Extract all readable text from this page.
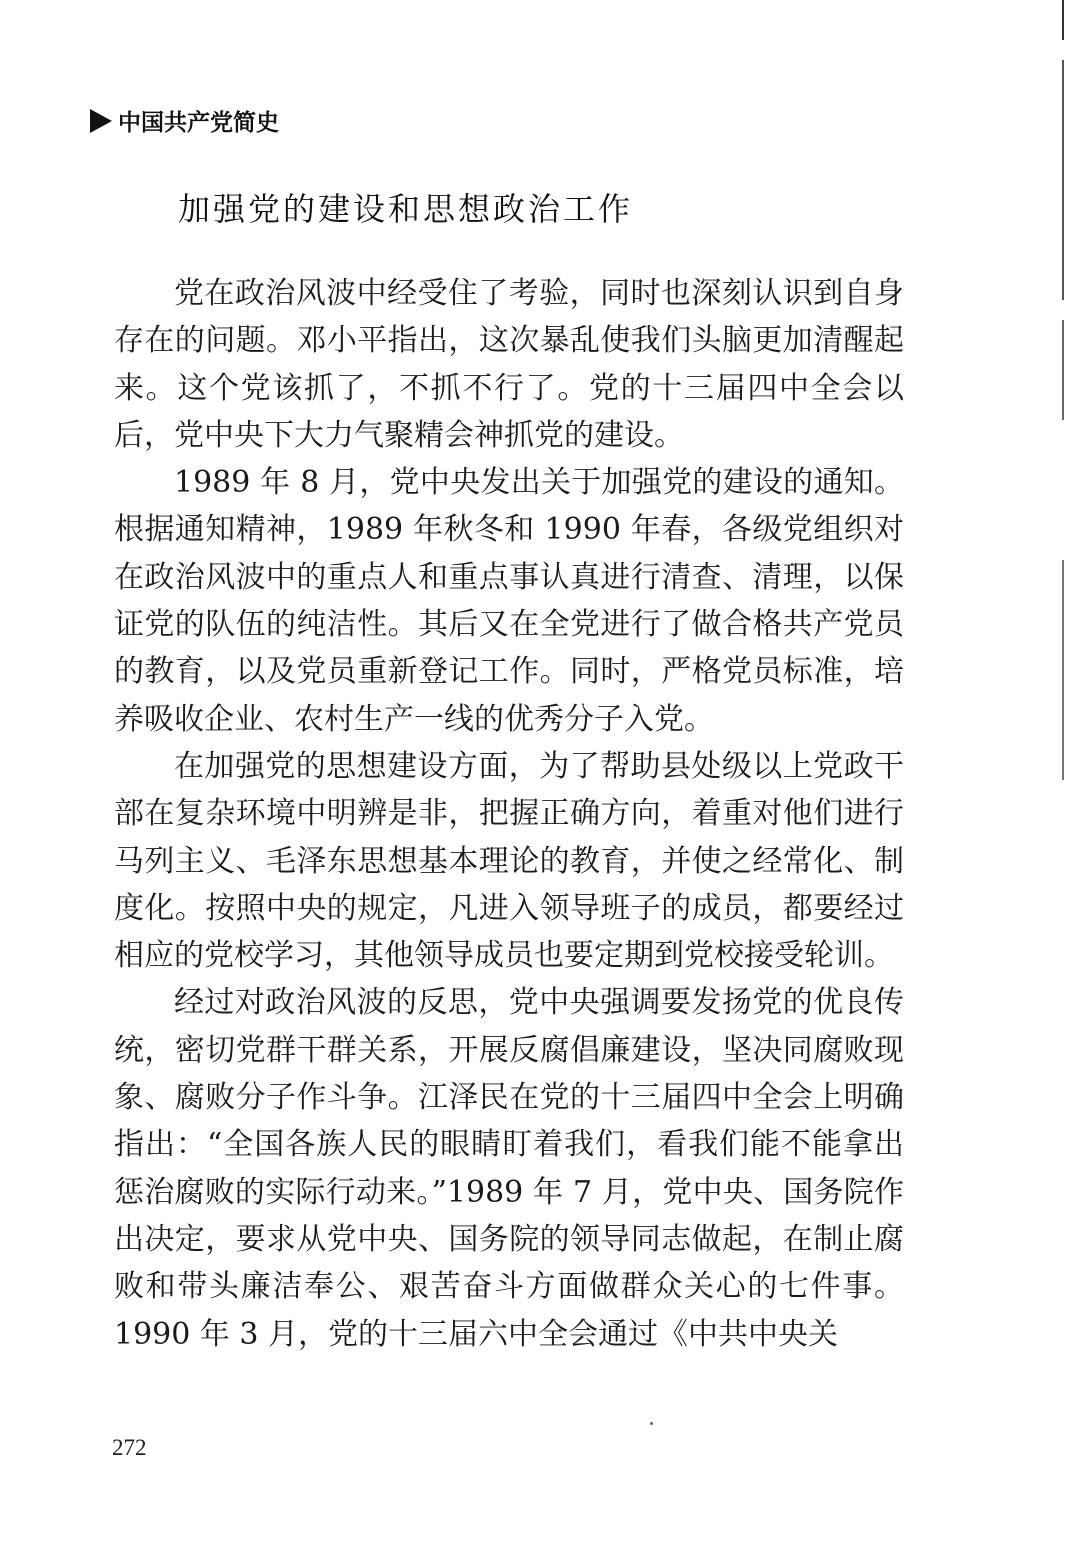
中国共产党简史
加强党的建设和思想政治工作

党在政治风波中经受住了考验，同时也深刻认识到自身存在的问题。邓小平指出，这次暴乱使我们头脑更加清醒起来。这个党该抓了，不抓不行了。党的十三届四中全会以后，党中央下大力气聚精会神抓党的建设。

1989 年 8 月，党中央发出关于加强党的建设的通知。根据通知精神，1989 年秋冬和 1990 年春，各级党组织对在政治风波中的重点人和重点事认真进行清查、清理，以保证党的队伍的纯洁性。其后又在全党进行了做合格共产党员的教育，以及党员重新登记工作。同时，严格党员标准，培养吸收企业、农村生产一线的优秀分子入党。

在加强党的思想建设方面，为了帮助县处级以上党政干部在复杂环境中明辨是非，把握正确方向，着重对他们进行马列主义、毛泽东思想基本理论的教育，并使之经常化、制度化。按照中央的规定，凡进入领导班子的成员，都要经过相应的党校学习，其他领导成员也要定期到党校接受轮训。

经过对政治风波的反思，党中央强调要发扬党的优良传统，密切党群干群关系，开展反腐倡廉建设，坚决同腐败现象、腐败分子作斗争。江泽民在党的十三届四中全会上明确指出：“全国各族人民的眼睛盯着我们，看我们能不能拿出惩治腐败的实际行动来。”1989 年 7 月，党中央、国务院作出决定，要求从党中央、国务院的领导同志做起，在制止腐败和带头廉洁奉公、艰苦奋斗方面做群众关心的七件事。1990 年 3 月，党的十三届六中全会通过《中共中央关

272
